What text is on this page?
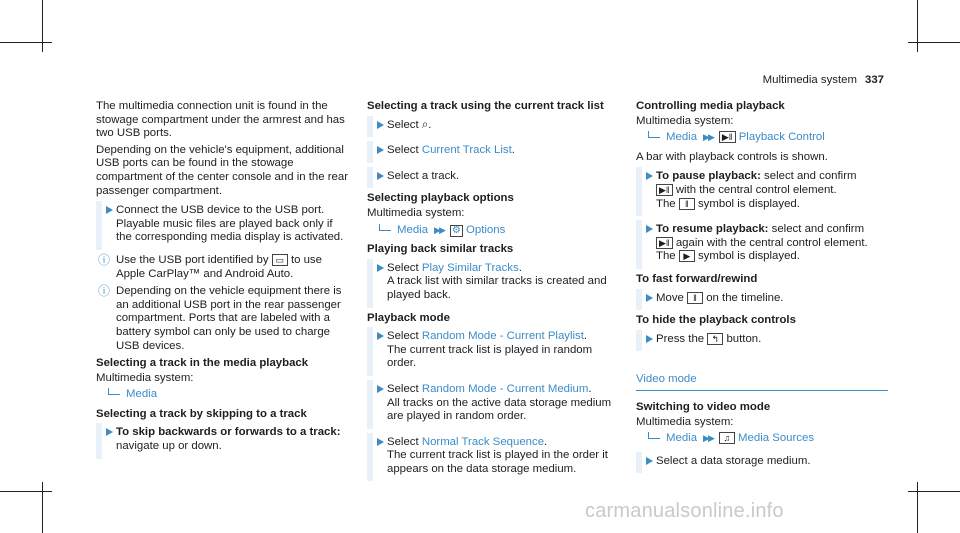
Multimedia system 337

The multimedia connection unit is found in the stowage compartment under the armrest and has two USB ports.

Depending on the vehicle's equipment, additional USB ports can be found in the stowage compartment of the center console and in the rear passenger compartment.

Connect the USB device to the USB port.
Playable music files are played back only if the corresponding media display is activated.
ⓘ Use the USB port identified by ▭ to use Apple CarPlay™ and Android Auto.
ⓘ Depending on the vehicle equipment there is an additional USB port in the rear passenger compartment. Ports that are labeled with a battery symbol can only be used to charge USB devices.
Selecting a track in the media playback
Multimedia system:
Media
Selecting a track by skipping to a track
To skip backwards or forwards to a track: navigate up or down.
Selecting a track using the current track list
Select ⌕.
Select Current Track List.
Select a track.
Selecting playback options
Multimedia system:
Media ▶▶ ⚙ Options
Playing back similar tracks
Select Play Similar Tracks.
A track list with similar tracks is created and played back.
Playback mode
Select Random Mode - Current Playlist.
The current track list is played in random order.
Select Random Mode - Current Medium.
All tracks on the active data storage medium are played in random order.
Select Normal Track Sequence.
The current track list is played in the order it appears on the data storage medium.
Controlling media playback
Multimedia system:
Media ▶▶ ▶‖ Playback Control

A bar with playback controls is shown.

To pause playback: select and confirm
▶‖ with the central control element.
The ‖ symbol is displayed.
To resume playback: select and confirm
▶‖ again with the central control element.
The ▶ symbol is displayed.
To fast forward/rewind
Move ‖ on the timeline.
To hide the playback controls
Press the ↰ button.
Video mode
Switching to video mode
Multimedia system:
Media ▶▶ ♫ Media Sources
Select a data storage medium.
carmanualsonline.info
